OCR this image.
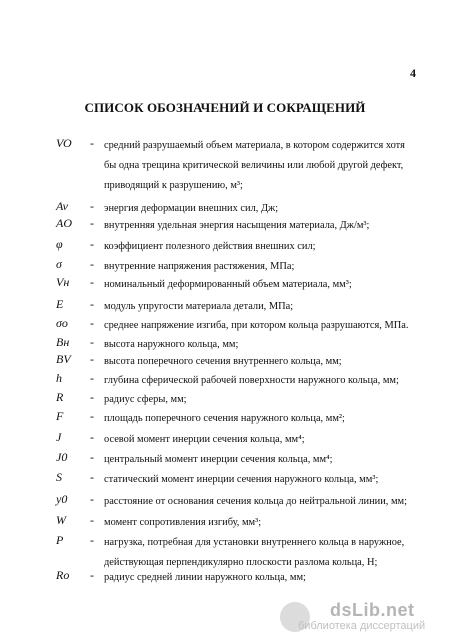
4
СПИСОК ОБОЗНАЧЕНИЙ И СОКРАЩЕНИЙ
VO - средний разрушаемый объем материала, в котором содержится хотя
бы одна трещина критической величины или любой другой дефект,
приводящий к разрушению, м³;
Av - энергия деформации внешних сил, Дж;
AO - внутренняя удельная энергия насыщения материала, Дж/м³;
φ - коэффициент полезного действия внешних сил;
σ - внутренние напряжения растяжения, МПа;
Vн - номинальный деформированный объем материала, мм³;
E - модуль упругости материала детали, МПа;
σo - среднее напряжение изгиба, при котором кольца разрушаются, МПа.
Bн - высота наружного кольца, мм;
BV - высота поперечного сечения внутреннего кольца, мм;
h - глубина сферической рабочей поверхности наружного кольца, мм;
R - радиус сферы, мм;
F - площадь поперечного сечения наружного кольца, мм²;
J - осевой момент инерции сечения кольца, мм⁴;
J0 - центральный момент инерции сечения кольца, мм⁴;
S - статический момент инерции сечения наружного кольца, мм³;
y0 - расстояние от основания сечения кольца до нейтральной линии, мм;
W - момент сопротивления изгибу, мм³;
P - нагрузка, потребная для установки внутреннего кольца в наружное,
действующая перпендикулярно плоскости разлома кольца, Н;
Rо - радиус средней линии наружного кольца, мм;
dsLib.net
библиотека диссертаций
